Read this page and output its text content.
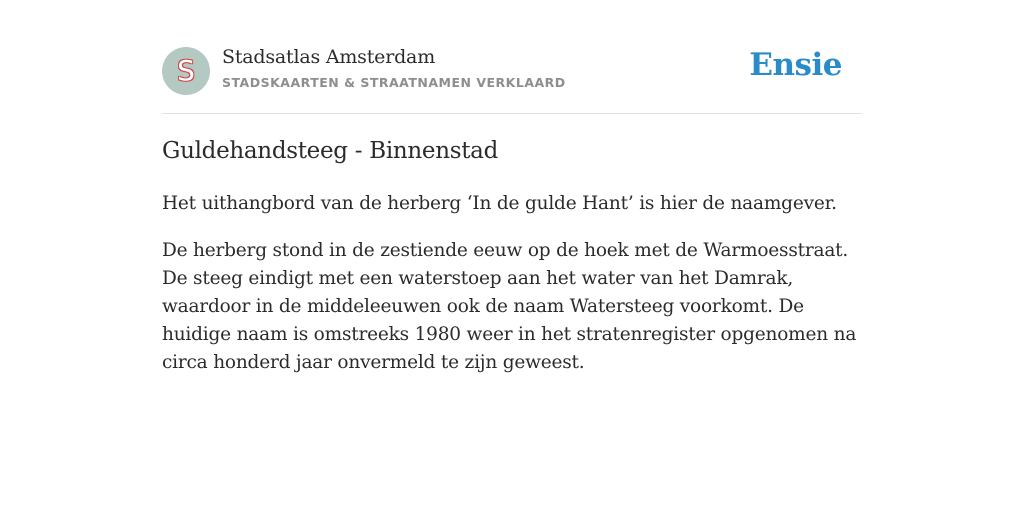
S Stadsatlas Amsterdam
STADSKAARTEN & STRAATNAMEN VERKLAARD	Ensie
Guldehandsteeg - Binnenstad

Het uithangbord van de herberg ‘In de gulde Hant’ is hier de naamgever.

De herberg stond in de zestiende eeuw op de hoek met de Warmoesstraat. De steeg eindigt met een waterstoep aan het water van het Damrak, waardoor in de middeleeuwen ook de naam Watersteeg voorkomt. De huidige naam is omstreeks 1980 weer in het stratenregister opgenomen na circa honderd jaar onvermeld te zijn geweest.
